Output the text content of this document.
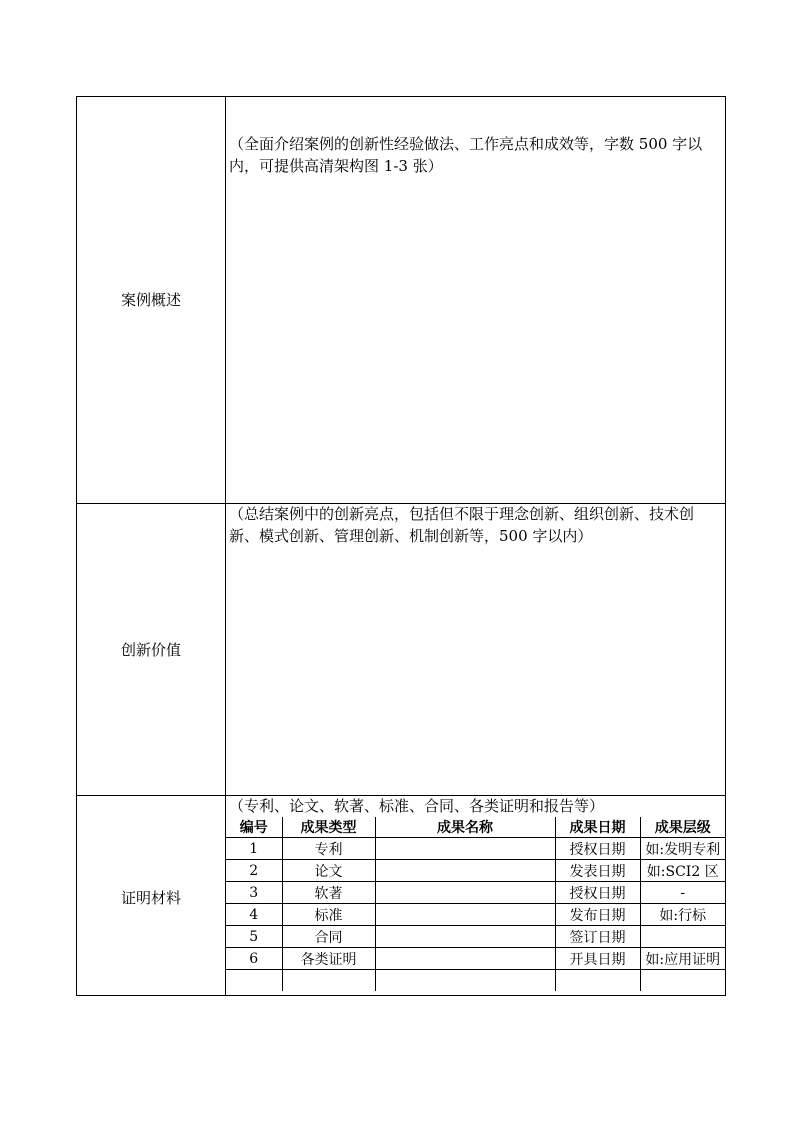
案例概述
（全面介绍案例的创新性经验做法、工作亮点和成效等，字数 500 字以内，可提供高清架构图 1-3 张）
创新价值
（总结案例中的创新亮点，包括但不限于理念创新、组织创新、技术创新、模式创新、管理创新、机制创新等，500 字以内）
证明材料
（专利、论文、软著、标准、合同、各类证明和报告等）
编号	成果类型	成果名称	成果日期	成果层级
1	专利		授权日期	如:发明专利
2	论文		发表日期	如:SCI2 区
3	软著		授权日期	-
4	标准		发布日期	如:行标
5	合同		签订日期	
6	各类证明		开具日期	如:应用证明
